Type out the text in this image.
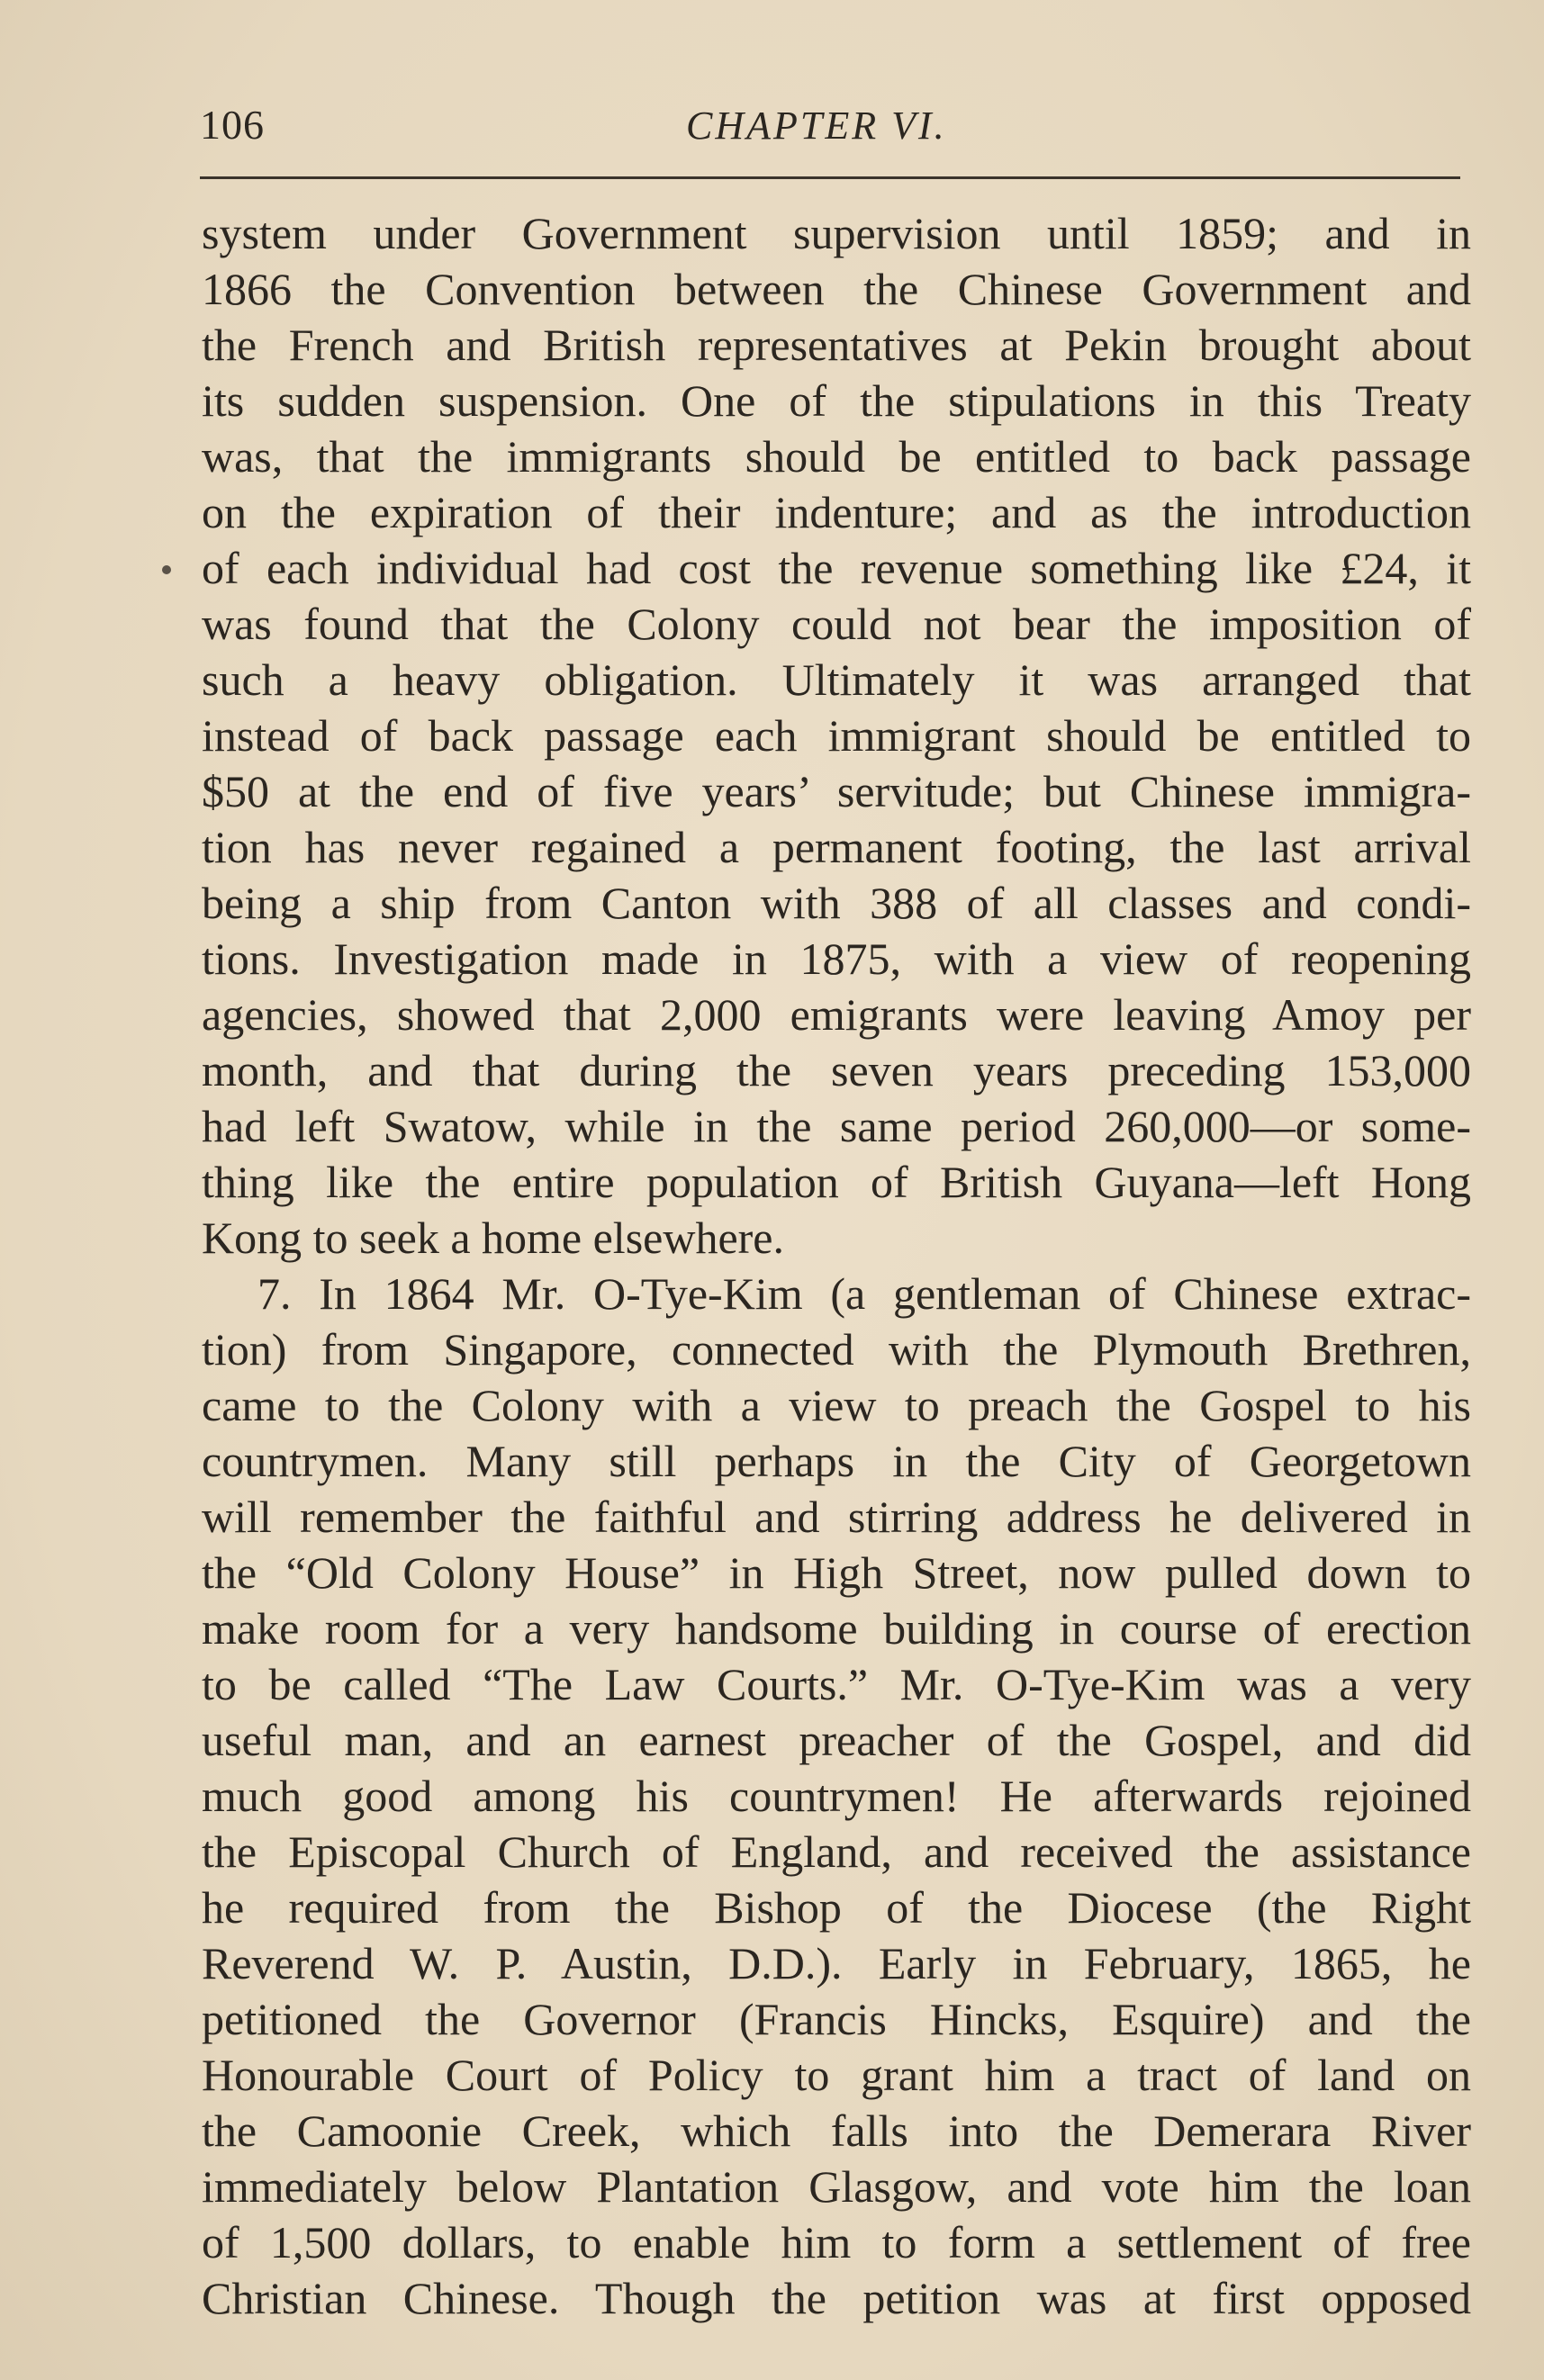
106	CHAPTER VI.
system under Government supervision until 1859; and in
1866 the Convention between the Chinese Government and
the French and British representatives at Pekin brought about
its sudden suspension. One of the stipulations in this Treaty
was, that the immigrants should be entitled to back passage
on the expiration of their indenture; and as the introduction
of each individual had cost the revenue something like £24, it
was found that the Colony could not bear the imposition of
such a heavy obligation. Ultimately it was arranged that
instead of back passage each immigrant should be entitled to
$50 at the end of five years’ servitude; but Chinese immigra-
tion has never regained a permanent footing, the last arrival
being a ship from Canton with 388 of all classes and condi-
tions. Investigation made in 1875, with a view of reopening
agencies, showed that 2,000 emigrants were leaving Amoy per
month, and that during the seven years preceding 153,000
had left Swatow, while in the same period 260,000—or some-
thing like the entire population of British Guyana—left Hong
Kong to seek a home elsewhere.
7. In 1864 Mr. O-Tye-Kim (a gentleman of Chinese extrac-
tion) from Singapore, connected with the Plymouth Brethren,
came to the Colony with a view to preach the Gospel to his
countrymen. Many still perhaps in the City of Georgetown
will remember the faithful and stirring address he delivered in
the “Old Colony House” in High Street, now pulled down to
make room for a very handsome building in course of erection
to be called “The Law Courts.” Mr. O-Tye-Kim was a very
useful man, and an earnest preacher of the Gospel, and did
much good among his countrymen! He afterwards rejoined
the Episcopal Church of England, and received the assistance
he required from the Bishop of the Diocese (the Right
Reverend W. P. Austin, D.D.). Early in February, 1865, he
petitioned the Governor (Francis Hincks, Esquire) and the
Honourable Court of Policy to grant him a tract of land on
the Camoonie Creek, which falls into the Demerara River
immediately below Plantation Glasgow, and vote him the loan
of 1,500 dollars, to enable him to form a settlement of free
Christian Chinese. Though the petition was at first opposed
